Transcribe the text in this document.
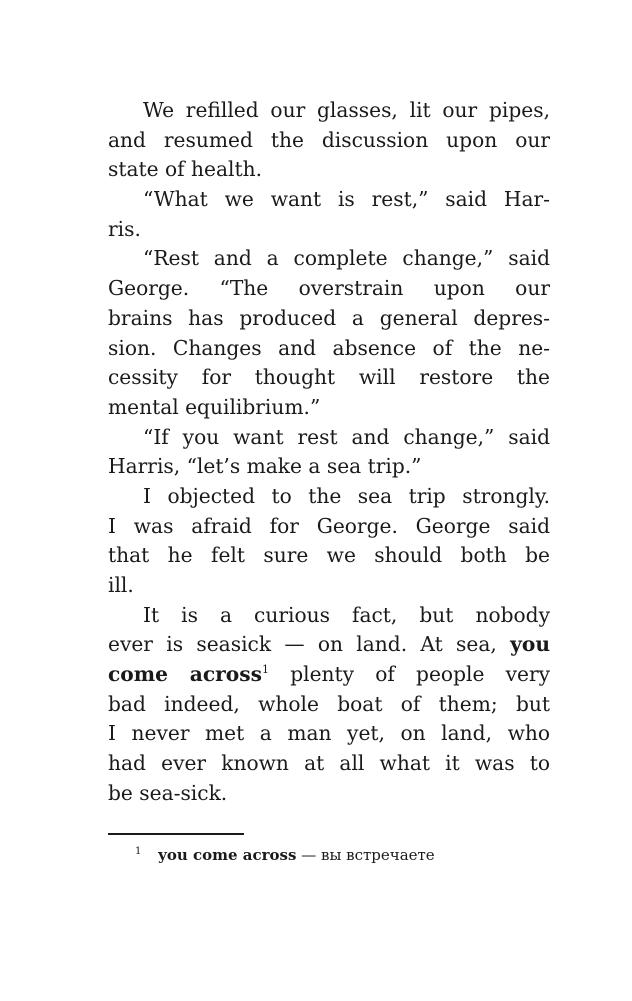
We refilled our glasses, lit our pipes,
and resumed the discussion upon our
state of health.
“What we want is rest,” said Har-
ris.
“Rest and a complete change,” said
George. “The overstrain upon our
brains has produced a general depres-
sion. Changes and absence of the ne-
cessity for thought will restore the
mental equilibrium.”
“If you want rest and change,” said
Harris, “let’s make a sea trip.”
I objected to the sea trip strongly.
I was afraid for George. George said
that he felt sure we should both be
ill.
It is a curious fact, but nobody
ever is seasick — on land. At sea, you
come across$^1$ plenty of people very
bad indeed, whole boat of them; but
I never met a man yet, on land, who
had ever known at all what it was to
be sea-sick.
$^1$ you come across — вы встречаете
